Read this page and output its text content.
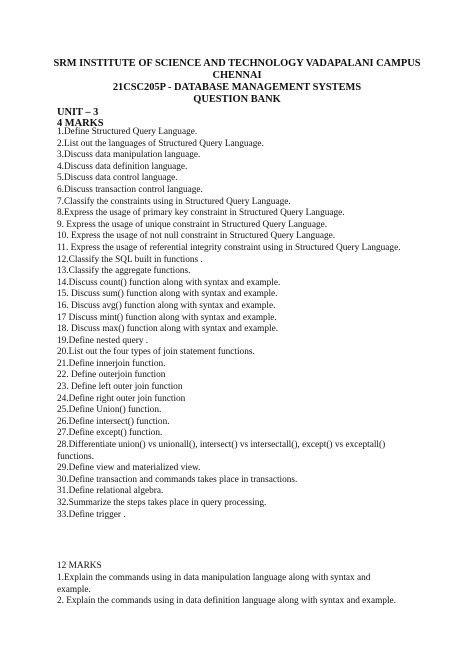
SRM INSTITUTE OF SCIENCE AND TECHNOLOGY VADAPALANI CAMPUS
CHENNAI
21CSC205P - DATABASE MANAGEMENT SYSTEMS
QUESTION BANK
UNIT – 3
4 MARKS
1.Define Structured Query Language.
2.List out the languages of Structured Query Language.
3.Discuss data manipulation language.
4.Discuss data definition language.
5.Discuss data control language.
6.Discuss transaction control language.
7.Classify the constraints using in Structured Query Language.
8.Express the usage of primary key constraint in Structured Query Language.
9. Express the usage of unique constraint in Structured Query Language.
10. Express the usage of not null constraint in Structured Query Language.
11. Express the usage of referential integrity constraint using in Structured Query Language.
12.Classify the SQL built in functions .
13.Classify the aggregate functions.
14.Discuss count() function along with syntax and example.
15. Discuss sum() function along with syntax and example.
16. Discuss avg() function along with syntax and example.
17 Discuss mint() function along with syntax and example.
18. Discuss max() function along with syntax and example.
19.Define nested query .
20.List out the four types of join statement functions.
21.Define innerjoin function.
22. Define outerjoin function
23. Define left outer join function
24.Define right outer join function
25.Define Union() function.
26.Define intersect() function.
27.Define except() function.
28.Differentiate union() vs unionall(), intersect() vs intersectall(), except() vs exceptall()
functions.
29.Define view and materialized view.
30.Define transaction and commands takes place in transactions.
31.Define relational algebra.
32.Summarize the steps takes place in query processing.
33.Define trigger .
12 MARKS
1.Explain the commands using in data manipulation language along with syntax and
example.
2. Explain the commands using in data definition language along with syntax and example.
